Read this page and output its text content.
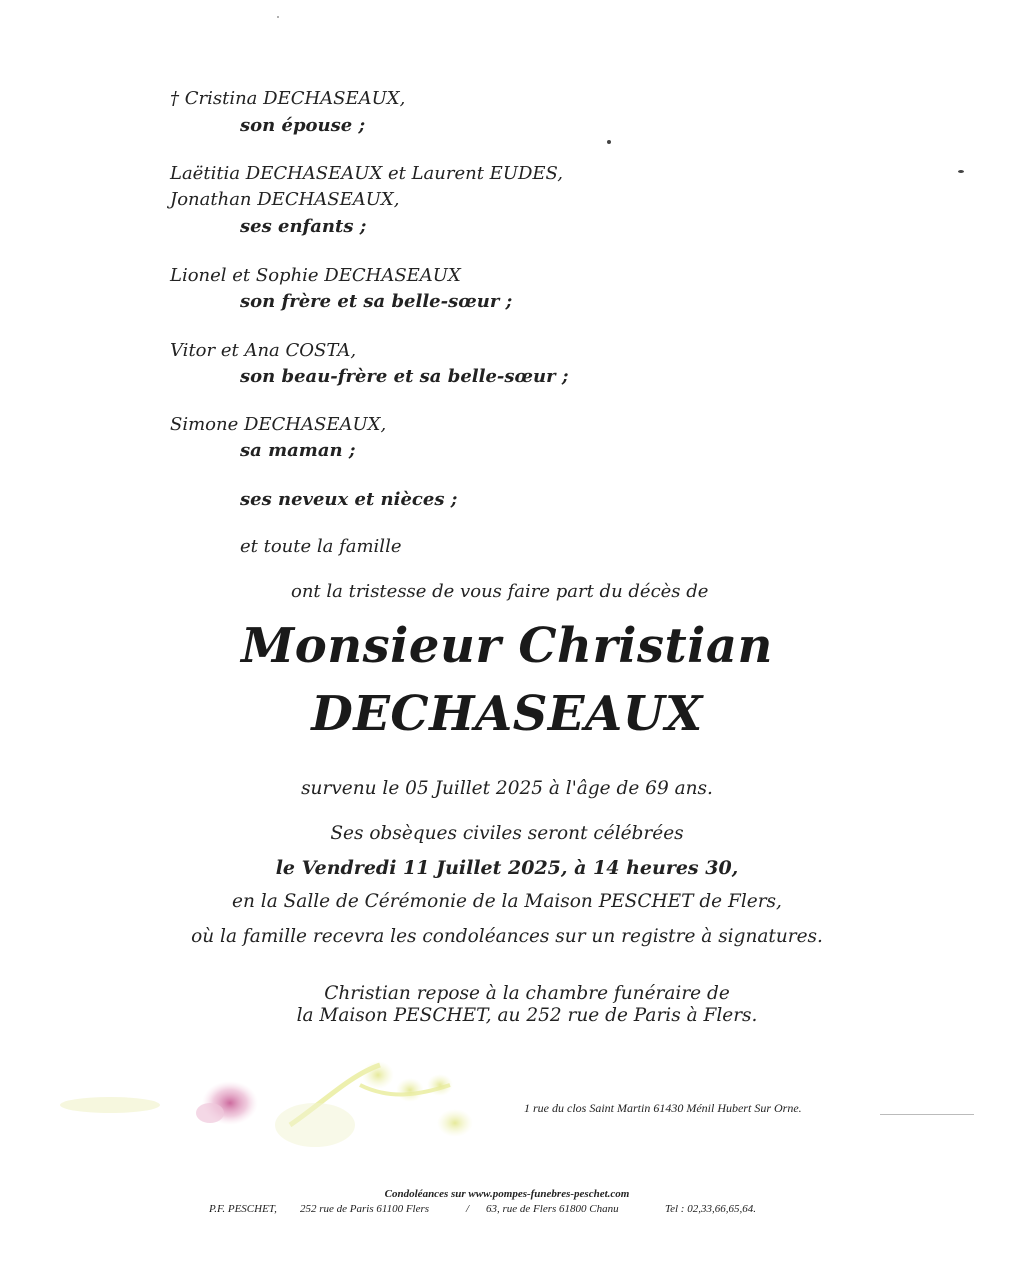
† Cristina DECHASEAUX,
son épouse ;
Laëtitia DECHASEAUX et Laurent EUDES,
Jonathan DECHASEAUX,
ses enfants ;
Lionel et Sophie DECHASEAUX
son frère et sa belle-sœur ;
Vitor et Ana COSTA,
son beau-frère et sa belle-sœur ;
Simone DECHASEAUX,
sa maman ;
ses neveux et nièces ;
et toute la famille
ont la tristesse de vous faire part du décès de
Monsieur Christian
DECHASEAUX
survenu le 05 Juillet 2025 à l'âge de 69 ans.
Ses obsèques civiles seront célébrées
le Vendredi 11 Juillet 2025, à 14 heures 30,
en la Salle de Cérémonie de la Maison PESCHET de Flers,
où la famille recevra les condoléances sur un registre à signatures.
Christian repose à la chambre funéraire de
la Maison PESCHET, au 252 rue de Paris à Flers.
1 rue du clos Saint Martin 61430 Ménil Hubert Sur Orne.
Condoléances sur www.pompes-funebres-peschet.com
P.F. PESCHET, 252 rue de Paris 61100 Flers	/ 63, rue de Flers 61800 Chanu	Tel : 02,33,66,65,64.
